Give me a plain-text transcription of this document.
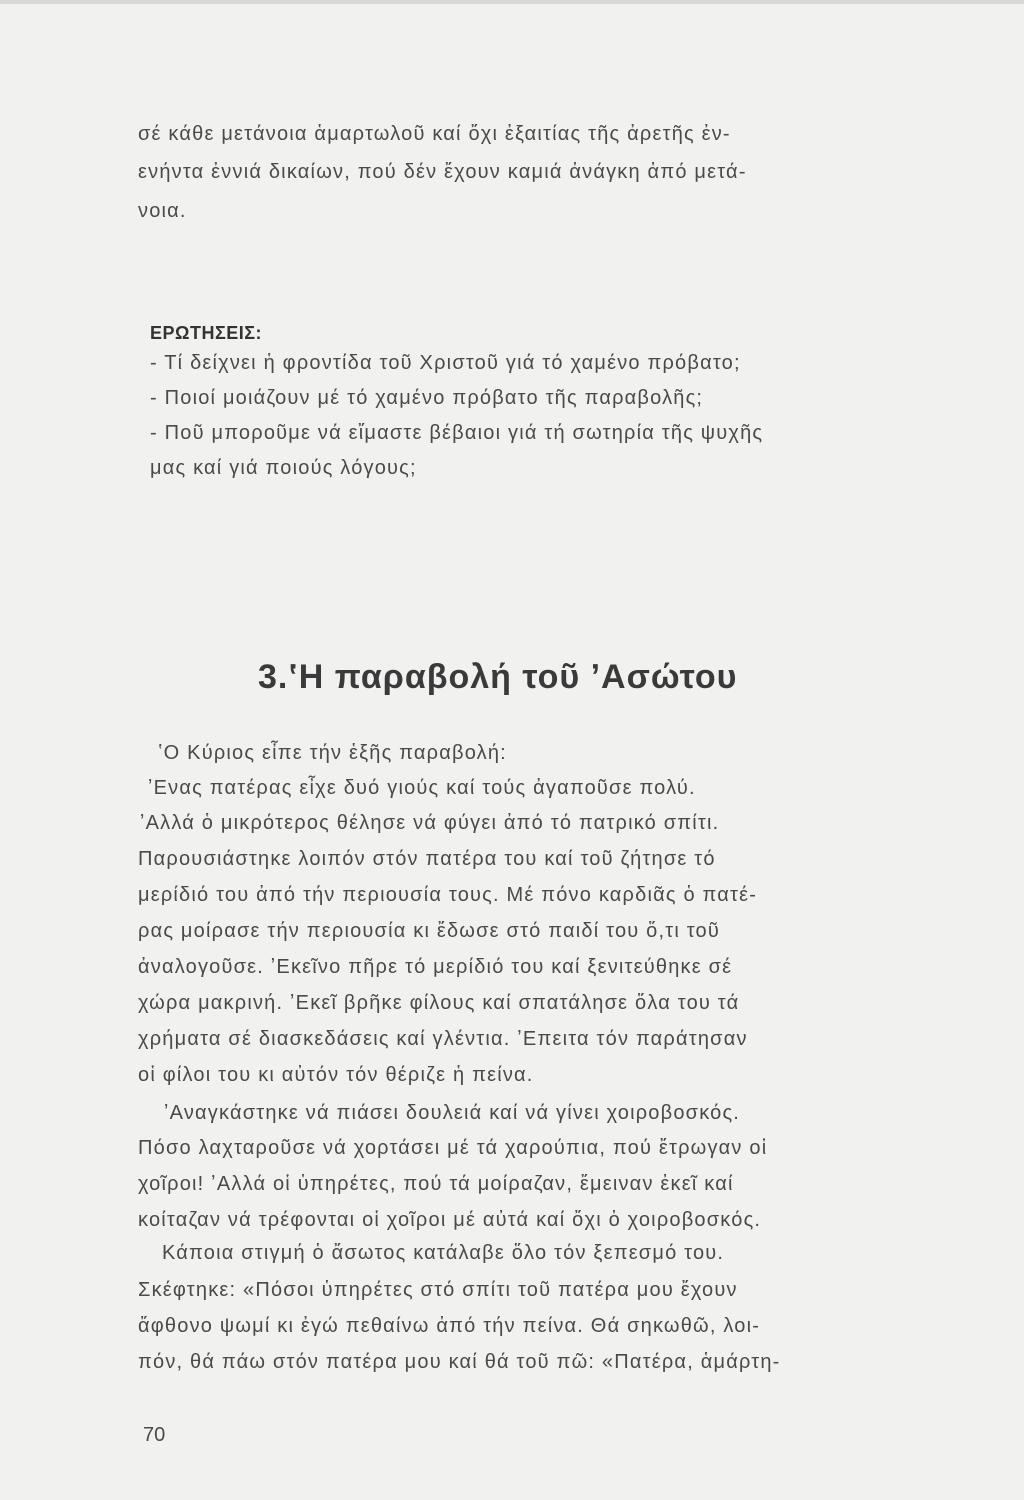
σέ κάθε μετάνοια ἁμαρτωλοῦ καί ὄχι ἐξαιτίας τῆς ἀρετῆς ἐν-
ενήντα ἐννιά δικαίων, πού δέν ἔχουν καμιά ἀνάγκη ἀπό μετά-
νοια.
ΕΡΩΤΗΣΕΙΣ:
- Τί δείχνει ἡ φροντίδα τοῦ Χριστοῦ γιά τό χαμένο πρόβατο;
- Ποιοί μοιάζουν μέ τό χαμένο πρόβατο τῆς παραβολῆς;
- Ποῦ μποροῦμε νά εἴμαστε βέβαιοι γιά τή σωτηρία τῆς ψυχῆς
μας καί γιά ποιούς λόγους;
3.ʽΗ παραβολή τοῦ ʼΑσώτου
ʽΟ Κύριος εἶπε τήν ἑξῆς παραβολή:
ʼΕνας πατέρας εἶχε δυό γιούς καί τούς ἀγαποῦσε πολύ.
ʼΑλλά ὁ μικρότερος θέλησε νά φύγει ἀπό τό πατρικό σπίτι.
Παρουσιάστηκε λοιπόν στόν πατέρα του καί τοῦ ζήτησε τό
μερίδιό του ἀπό τήν περιουσία τους. Μέ πόνο καρδιᾶς ὁ πατέ-
ρας μοίρασε τήν περιουσία κι ἔδωσε στό παιδί του ὅ,τι τοῦ
ἀναλογοῦσε. ʼΕκεῖνο πῆρε τό μερίδιό του καί ξενιτεύθηκε σέ
χώρα μακρινή. ʼΕκεῖ βρῆκε φίλους καί σπατάλησε ὅλα του τά
χρήματα σέ διασκεδάσεις καί γλέντια. ʼΕπειτα τόν παράτησαν
οἱ φίλοι του κι αὐτόν τόν θέριζε ἡ πείνα.
ʼΑναγκάστηκε νά πιάσει δουλειά καί νά γίνει χοιροβοσκός.
Πόσο λαχταροῦσε νά χορτάσει μέ τά χαρούπια, πού ἔτρωγαν οἱ
χοῖροι! ʼΑλλά οἱ ὑπηρέτες, πού τά μοίραζαν, ἔμειναν ἐκεῖ καί
κοίταζαν νά τρέφονται οἱ χοῖροι μέ αὐτά καί ὄχι ὁ χοιροβοσκός.
Κάποια στιγμή ὁ ἄσωτος κατάλαβε ὅλο τόν ξεπεσμό του.
Σκέφτηκε: «Πόσοι ὑπηρέτες στό σπίτι τοῦ πατέρα μου ἔχουν
ἄφθονο ψωμί κι ἐγώ πεθαίνω ἀπό τήν πείνα. Θά σηκωθῶ, λοι-
πόν, θά πάω στόν πατέρα μου καί θά τοῦ πῶ: «Πατέρα, ἁμάρτη-
70
